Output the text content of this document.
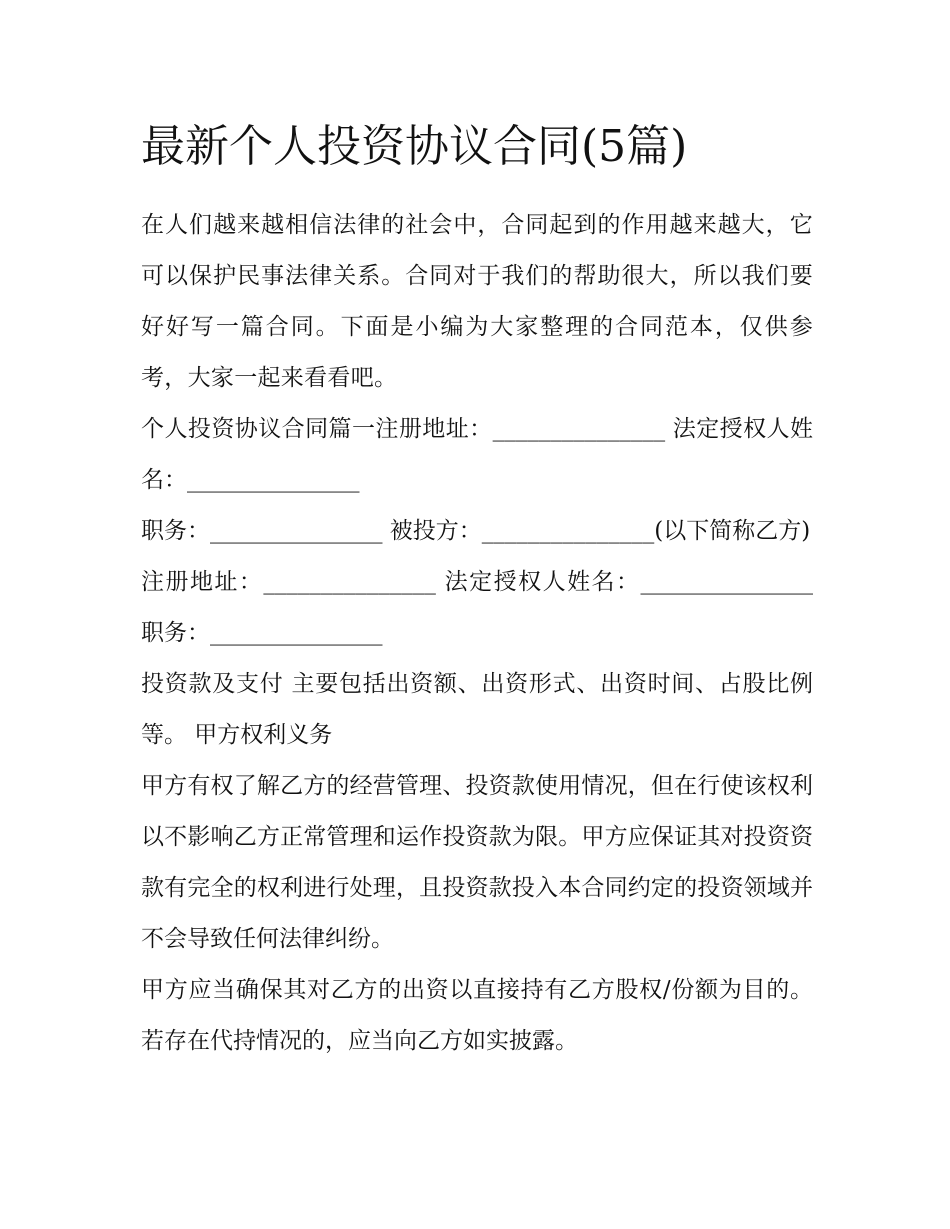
最新个人投资协议合同(5篇)

在人们越来越相信法律的社会中，合同起到的作用越来越大，它可以保护民事法律关系。合同对于我们的帮助很大，所以我们要好好写一篇合同。下面是小编为大家整理的合同范本，仅供参考，大家一起来看看吧。

个人投资协议合同篇一注册地址：_______________ 法定授权人姓名：_______________

职务：_______________ 被投方：_______________(以下简称乙方)

注册地址：_______________ 法定授权人姓名：_______________ 职务：_______________

投资款及支付 主要包括出资额、出资形式、出资时间、占股比例等。 甲方权利义务

甲方有权了解乙方的经营管理、投资款使用情况，但在行使该权利以不影响乙方正常管理和运作投资款为限。甲方应保证其对投资资款有完全的权利进行处理，且投资款投入本合同约定的投资领域并不会导致任何法律纠纷。

甲方应当确保其对乙方的出资以直接持有乙方股权/份额为目的。若存在代持情况的，应当向乙方如实披露。
